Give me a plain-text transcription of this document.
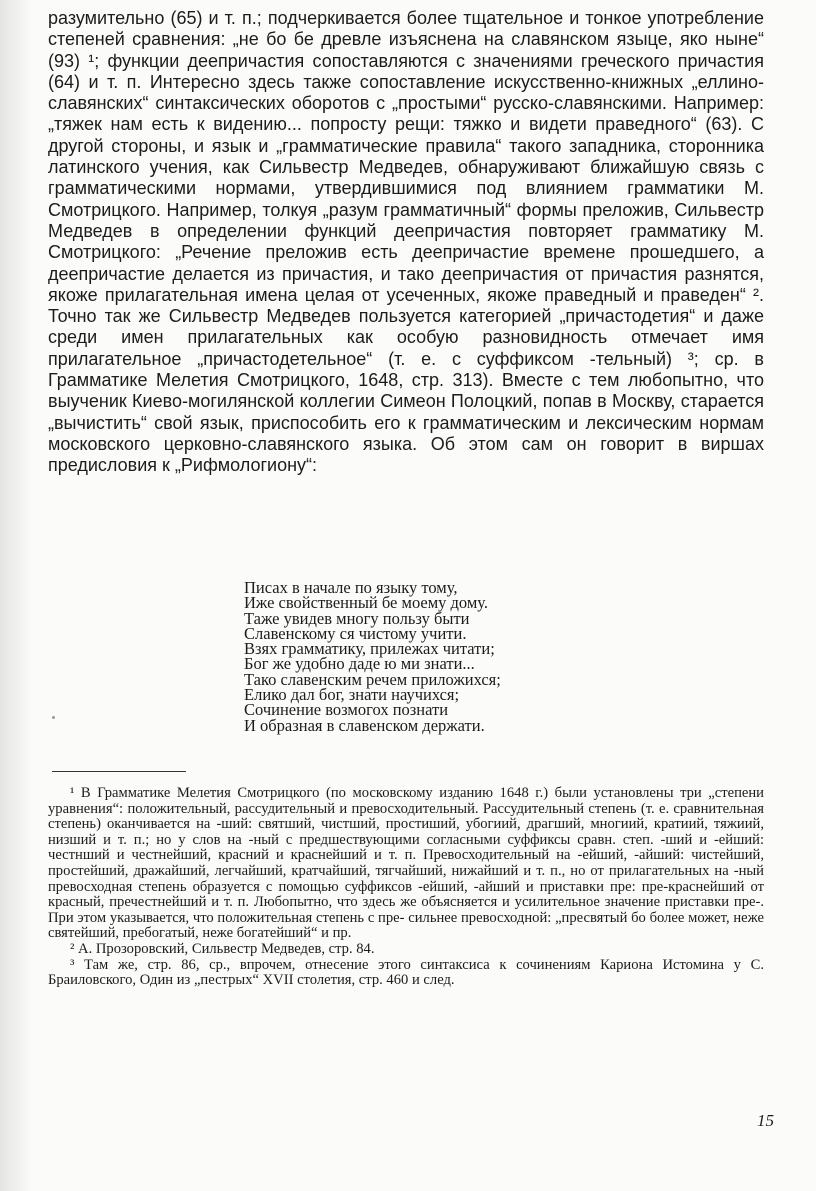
разумительно (65) и т. п.; подчеркивается более тщательное и тонкое употребление степеней сравнения: „не бо бе древле изъяснена на славянском языце, яко ныне“ (93) ¹; функции деепричастия сопоставляются с значениями греческого причастия (64) и т. п. Интересно здесь также сопоставление искусственно-книжных „еллино-славянских“ синтаксических оборотов с „простыми“ русско-славянскими. Например: „тяжек нам есть к видению... попросту рещи: тяжко и видети праведного“ (63). С другой стороны, и язык и „грамматические правила“ такого западника, сторонника латинского учения, как Сильвестр Медведев, обнаруживают ближайшую связь с грамматическими нормами, утвердившимися под влиянием грамматики М. Смотрицкого. Например, толкуя „разум грамматичный“ формы преложив, Сильвестр Медведев в определении функций деепричастия повторяет грамматику М. Смотрицкого: „Речение преложив есть деепричастие времене прошедшего, а деепричастие делается из причастия, и тако деепричастия от причастия разнятся, якоже прилагательная имена целая от усеченных, якоже праведный и праведен“ ². Точно так же Сильвестр Медведев пользуется категорией „причастодетия“ и даже среди имен прилагательных как особую разновидность отмечает имя прилагательное „причастодетельное“ (т. е. с суффиксом -тельный) ³; ср. в Грамматике Мелетия Смотрицкого, 1648, стр. 313). Вместе с тем любопытно, что выученик Киево-могилянской коллегии Симеон Полоцкий, попав в Москву, старается „вычистить“ свой язык, приспособить его к грамматическим и лексическим нормам московского церковно-славянского языка. Об этом сам он говорит в виршах предисловия к „Рифмологиону“:

Писах в начале по языку тому,
Иже свойственный бе моему дому.
Таже увидев многу пользу быти
Славенскому ся чистому учити.
Взях грамматику, прилежах читати;
Бог же удобно даде ю ми знати...
Тако славенским речем приложихся;
Елико дал бог, знати научихся;
Сочинение возмогох познати
И образная в славенском держати.

¹ В Грамматике Мелетия Смотрицкого (по московскому изданию 1648 г.) были установлены три „степени уравнения“: положительный, рассудительный и превосходительный. Рассудительный степень (т. е. сравнительная степень) оканчивается на -ший: святший, чистший, простиший, убогиий, драгший, многиий, кратиий, тяжиий, низший и т. п.; но у слов на -ный с предшествующими согласными суффиксы сравн. степ. -ший и -ейший: честнший и честнейший, красний и краснейший и т. п. Превосходительный на -ейший, -айший: чистейший, простейший, дражайший, легчайший, кратчайший, тягчайший, нижайший и т. п., но от прилагательных на -ный превосходная степень образуется с помощью суффиксов -ейший, -айший и приставки пре: пре-краснейший от красный, пречестнейший и т. п. Любопытно, что здесь же объясняется и усилительное значение приставки пре-. При этом указывается, что положительная степень с пре- сильнее превосходной: „пресвятый бо более может, неже святейший, пребогатый, неже богатейший“ и пр.

² А. Прозоровский, Сильвестр Медведев, стр. 84.

³ Там же, стр. 86, ср., впрочем, отнесение этого синтаксиса к сочинениям Кариона Истомина у С. Браиловского, Один из „пестрых“ XVII столетия, стр. 460 и след.

15
